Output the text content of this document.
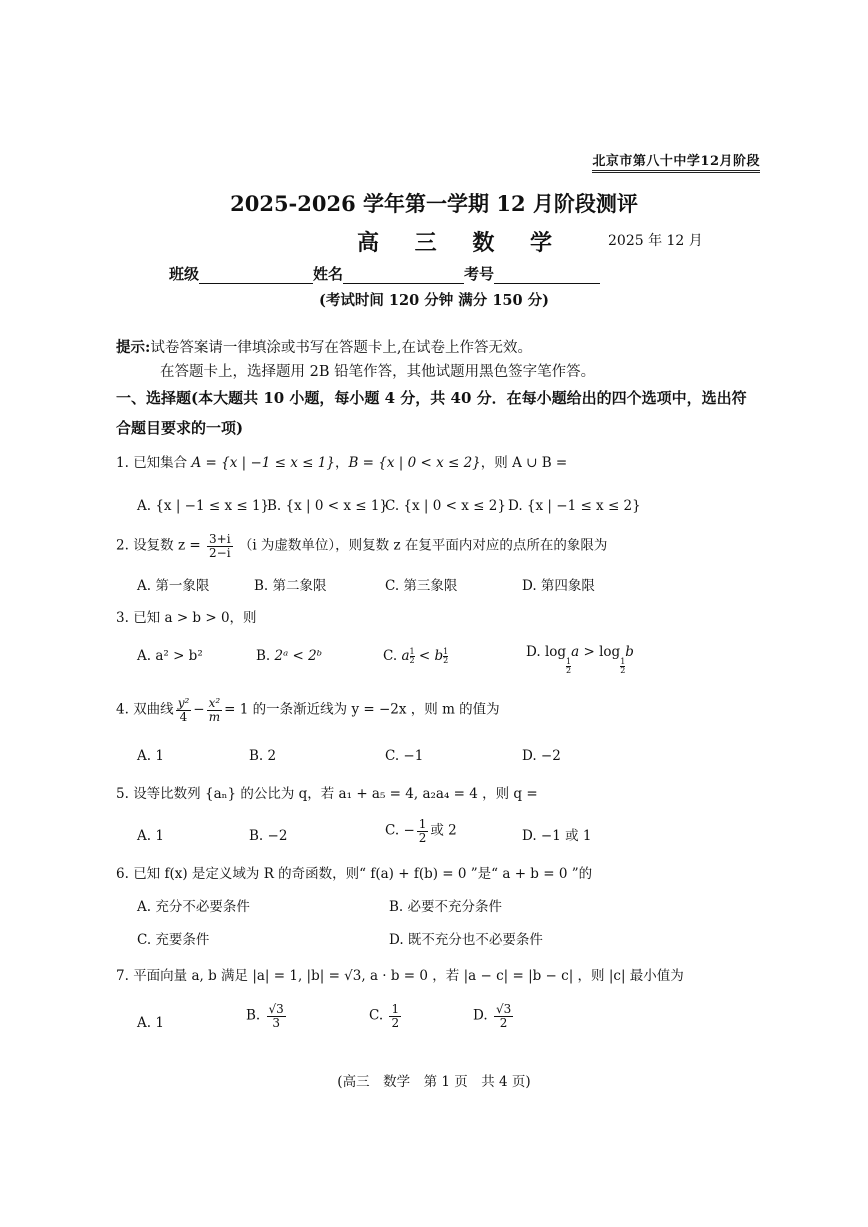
北京市第八十中学12月阶段
2025-2026 学年第一学期 12 月阶段测评
高 三 数 学	2025 年 12 月
班级	姓名	考号
(考试时间 120 分钟 满分 150 分)
提示:试卷答案请一律填涂或书写在答题卡上,在试卷上作答无效。
在答题卡上，选择题用 2B 铅笔作答，其他试题用黑色签字笔作答。
一、选择题(本大题共 10 小题，每小题 4 分，共 40 分．在每小题给出的四个选项中，选出符合题目要求的一项)
1. 已知集合 A = {x | −1 ≤ x ≤ 1}，B = {x | 0 < x ≤ 2}，则 A ∪ B =
A. {x | −1 ≤ x ≤ 1}
B. {x | 0 < x ≤ 1}
C. {x | 0 < x ≤ 2} D. {x | −1 ≤ x ≤ 2}
2. 设复数 $z = \frac{3+i}{2-i} (i$ 为虚数单位），则复数 z 在复平面内对应的点所在的象限为
A. 第一象限	B. 第二象限	C. 第三象限	D. 第四象限
3. 已知 a > b > 0，则
A. a² > b²	B. 2ᵃ < 2ᵇ	C. a $\frac{1}{2} < b \frac{1}{2}$	D. log
$\frac{1}{2}$
a > log
$\frac{1}{2}$
b
4. 双曲线 $\frac{\text{y²}}{4} - \frac{\text{x²}}{m} = 1$ 的一条渐近线为 y = −2x ，则 m 的值为
A. 1	B. 2	C. −1	D. −2
5. 设等比数列 {aₙ} 的公比为 q，若 a₁ + a₅ = 4, a₂a₄ = 4 ，则 q =
A. 1	B. −2	C. − $\frac{1}{2}$ 或 2	D. −1 或 1
6. 已知 f(x) 是定义域为 R 的奇函数，则“ f(a) + f(b) = 0 ”是“ a + b = 0 ”的
A. 充分不必要条件	B. 必要不充分条件
C. 充要条件	D. 既不充分也不必要条件
7. 平面向量 a, b 满足 |a| = 1, |b| = √3, a · b = 0 ，若 |a − c| = |b − c| ，则 |c| 最小值为
A. 1	B. $\frac{√3}{3}$	C. $\frac{1}{2}$	D. $\frac{√3}{2}$
(高三　数学　第 1 页　共 4 页)
